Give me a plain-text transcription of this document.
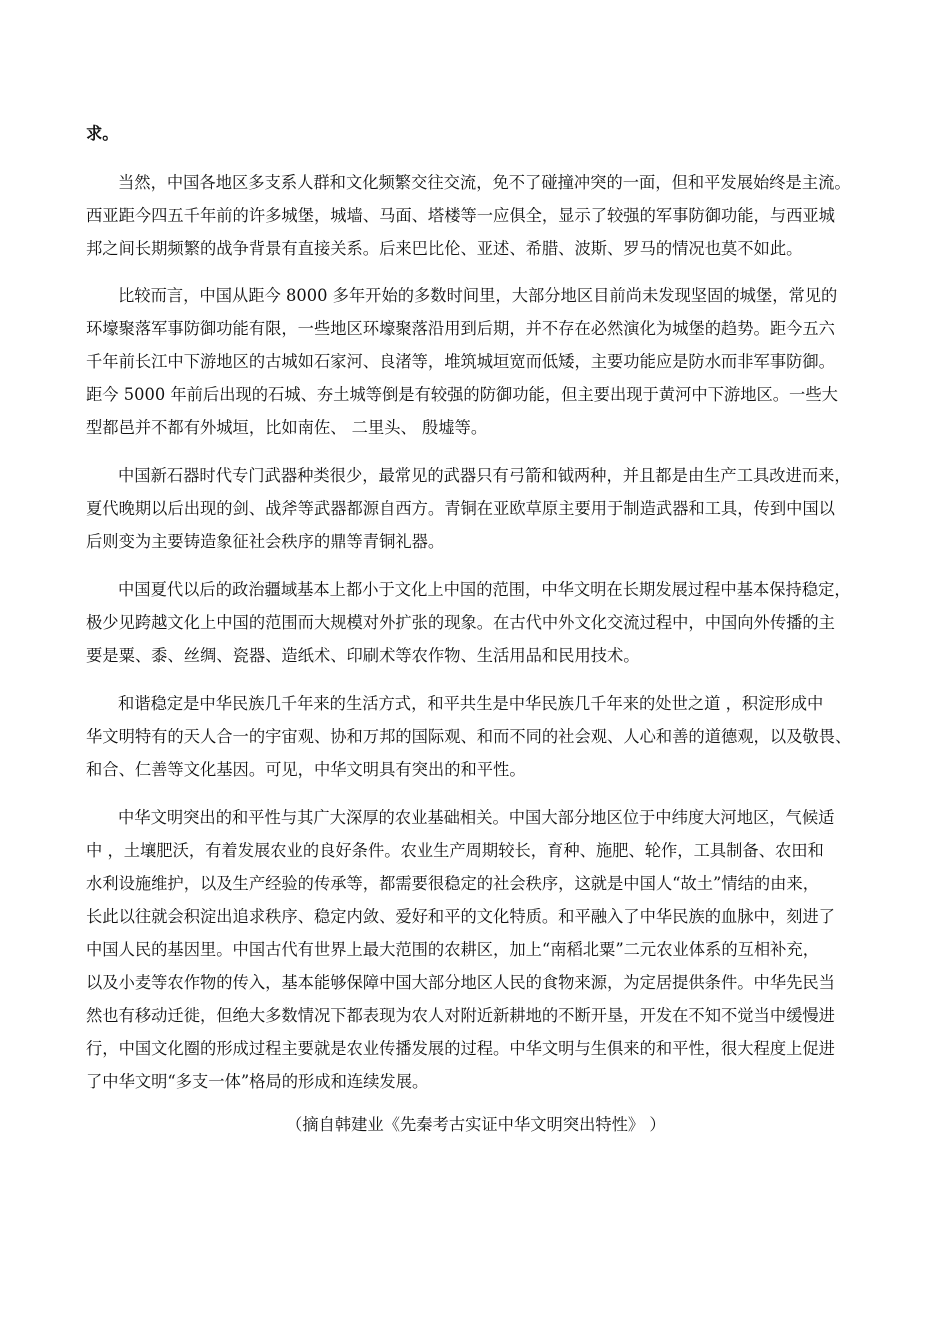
求。
当然，中国各地区多支系人群和文化频繁交往交流，免不了碰撞冲突的一面，但和平发展始终是主流。
西亚距今四五千年前的许多城堡，城墙、马面、塔楼等一应俱全，显示了较强的军事防御功能，与西亚城
邦之间长期频繁的战争背景有直接关系。后来巴比伦、亚述、希腊、波斯、罗马的情况也莫不如此。
比较而言，中国从距今 8000 多年开始的多数时间里，大部分地区目前尚未发现坚固的城堡，常见的
环壕聚落军事防御功能有限，一些地区环壕聚落沿用到后期，并不存在必然演化为城堡的趋势。距今五六
千年前长江中下游地区的古城如石家河、良渚等，堆筑城垣宽而低矮，主要功能应是防水而非军事防御。
距今 5000 年前后出现的石城、夯土城等倒是有较强的防御功能，但主要出现于黄河中下游地区。一些大
型都邑并不都有外城垣，比如南佐、 二里头、 殷墟等。
中国新石器时代专门武器种类很少，最常见的武器只有弓箭和钺两种，并且都是由生产工具改进而来，
夏代晚期以后出现的剑、战斧等武器都源自西方。青铜在亚欧草原主要用于制造武器和工具，传到中国以
后则变为主要铸造象征社会秩序的鼎等青铜礼器。
中国夏代以后的政治疆域基本上都小于文化上中国的范围，中华文明在长期发展过程中基本保持稳定，
极少见跨越文化上中国的范围而大规模对外扩张的现象。在古代中外文化交流过程中，中国向外传播的主
要是粟、黍、丝绸、瓷器、造纸术、印刷术等农作物、生活用品和民用技术。
和谐稳定是中华民族几千年来的生活方式，和平共生是中华民族几千年来的处世之道 ，积淀形成中
华文明特有的天人合一的宇宙观、协和万邦的国际观、和而不同的社会观、人心和善的道德观，以及敬畏、
和合、仁善等文化基因。可见，中华文明具有突出的和平性。
中华文明突出的和平性与其广大深厚的农业基础相关。中国大部分地区位于中纬度大河地区，气候适
中 ，土壤肥沃，有着发展农业的良好条件。农业生产周期较长，育种、施肥、轮作，工具制备、农田和
水利设施维护，以及生产经验的传承等，都需要很稳定的社会秩序，这就是中国人“故土”情结的由来，
长此以往就会积淀出追求秩序、稳定内敛、爱好和平的文化特质。和平融入了中华民族的血脉中，刻进了
中国人民的基因里。中国古代有世界上最大范围的农耕区，加上“南稻北粟”二元农业体系的互相补充，
以及小麦等农作物的传入，基本能够保障中国大部分地区人民的食物来源，为定居提供条件。中华先民当
然也有移动迁徙，但绝大多数情况下都表现为农人对附近新耕地的不断开垦，开发在不知不觉当中缓慢进
行，中国文化圈的形成过程主要就是农业传播发展的过程。中华文明与生俱来的和平性，很大程度上促进
了中华文明“多支一体”格局的形成和连续发展。
（摘自韩建业《先秦考古实证中华文明突出特性》 ）
